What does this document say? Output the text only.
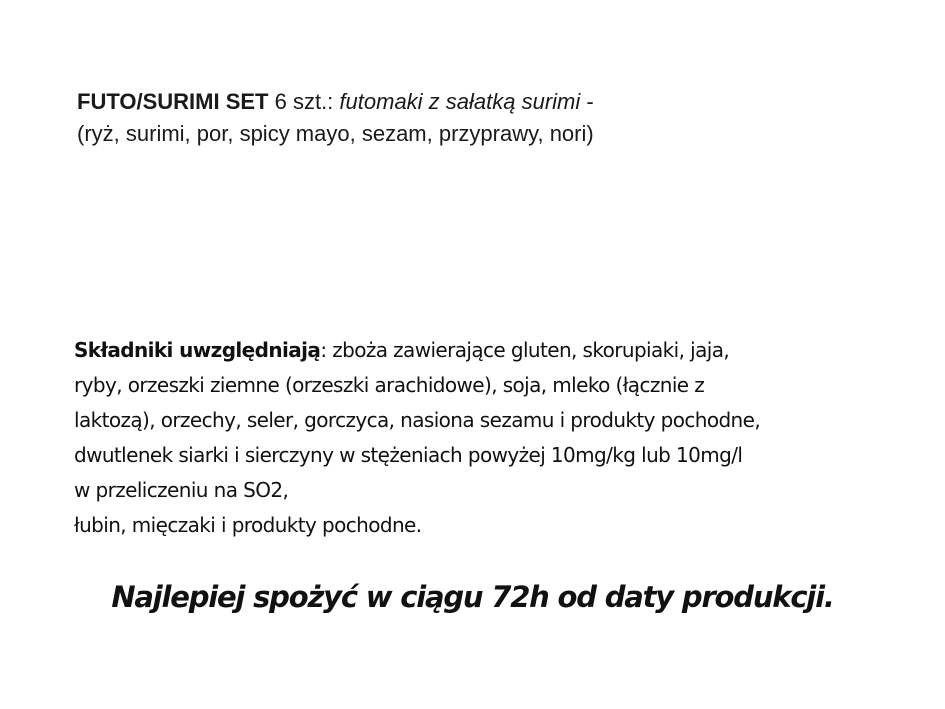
FUTO/SURIMI SET 6 szt.: futomaki z sałatką surimi -
(ryż, surimi, por, spicy mayo, sezam, przyprawy, nori)
Składniki uwzględniają: zboża zawierające gluten, skorupiaki, jaja,
ryby, orzeszki ziemne (orzeszki arachidowe), soja, mleko (łącznie z
laktozą), orzechy, seler, gorczyca, nasiona sezamu i produkty pochodne,
dwutlenek siarki i sierczyny w stężeniach powyżej 10mg/kg lub 10mg/l
w przeliczeniu na SO2,
łubin, mięczaki i produkty pochodne.
Najlepiej spożyć w ciągu 72h od daty produkcji.
